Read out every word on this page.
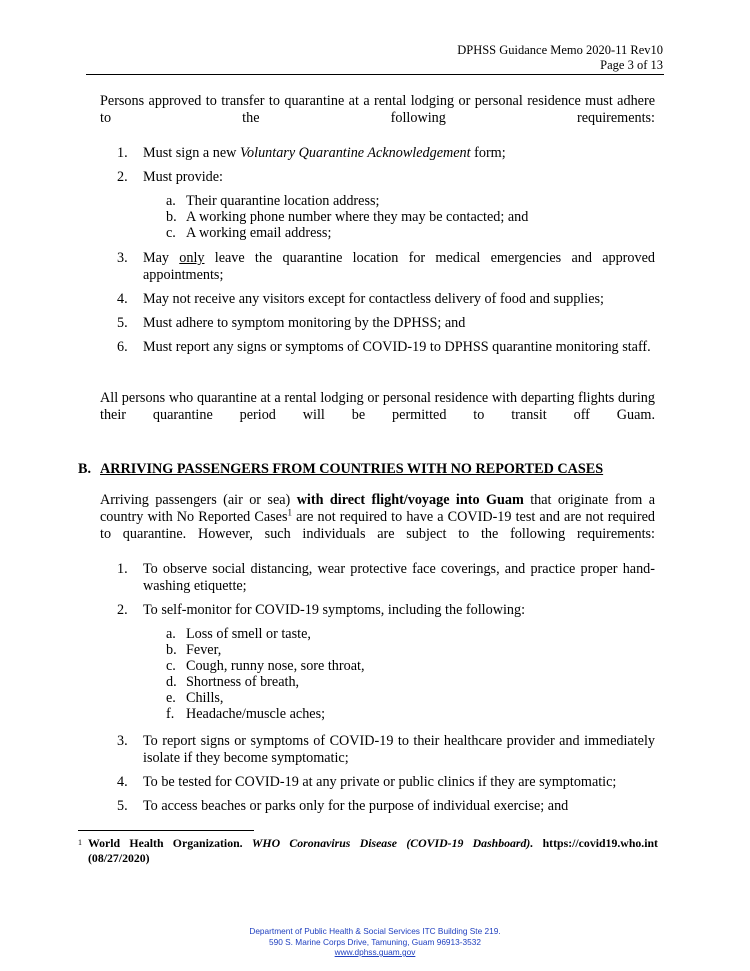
DPHSS Guidance Memo 2020-11 Rev10
Page 3 of 13
Persons approved to transfer to quarantine at a rental lodging or personal residence must adhere to the following requirements:
1.	Must sign a new Voluntary Quarantine Acknowledgement form;
2.	Must provide:
a. Their quarantine location address;
b. A working phone number where they may be contacted; and
c. A working email address;
3.	May only leave the quarantine location for medical emergencies and approved appointments;
4.	May not receive any visitors except for contactless delivery of food and supplies;
5.	Must adhere to symptom monitoring by the DPHSS; and
6.	Must report any signs or symptoms of COVID-19 to DPHSS quarantine monitoring staff.
All persons who quarantine at a rental lodging or personal residence with departing flights during their quarantine period will be permitted to transit off Guam.
B. ARRIVING PASSENGERS FROM COUNTRIES WITH NO REPORTED CASES
Arriving passengers (air or sea) with direct flight/voyage into Guam that originate from a country with No Reported Cases$^1$ are not required to have a COVID-19 test and are not required to quarantine. However, such individuals are subject to the following requirements:
1.	To observe social distancing, wear protective face coverings, and practice proper hand-washing etiquette;
2.	To self-monitor for COVID-19 symptoms, including the following:
a. Loss of smell or taste,
b. Fever,
c. Cough, runny nose, sore throat,
d. Shortness of breath,
e. Chills,
f. Headache/muscle aches;
3.	To report signs or symptoms of COVID-19 to their healthcare provider and immediately isolate if they become symptomatic;
4.	To be tested for COVID-19 at any private or public clinics if they are symptomatic;
5.	To access beaches or parks only for the purpose of individual exercise; and
$^1$ World Health Organization. WHO Coronavirus Disease (COVID-19 Dashboard). https://covid19.who.int (08/27/2020)
Department of Public Health & Social Services ITC Building Ste 219.
590 S. Marine Corps Drive, Tamuning, Guam 96913-3532
www.dphss.guam.gov
